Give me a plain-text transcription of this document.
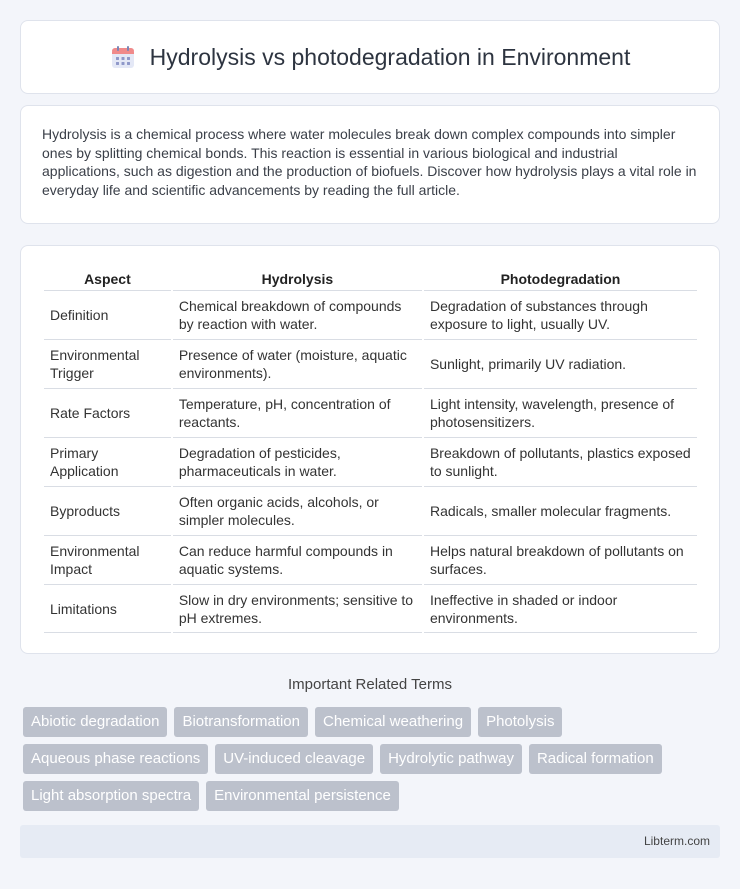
Hydrolysis vs photodegradation in Environment

Hydrolysis is a chemical process where water molecules break down complex compounds into simpler ones by splitting chemical bonds. This reaction is essential in various biological and industrial applications, such as digestion and the production of biofuels. Discover how hydrolysis plays a vital role in everyday life and scientific advancements by reading the full article.

Aspect	Hydrolysis	Photodegradation
Definition	Chemical breakdown of compounds by reaction with water.	Degradation of substances through exposure to light, usually UV.
Environmental Trigger	Presence of water (moisture, aquatic environments).	Sunlight, primarily UV radiation.
Rate Factors	Temperature, pH, concentration of reactants.	Light intensity, wavelength, presence of photosensitizers.
Primary Application	Degradation of pesticides, pharmaceuticals in water.	Breakdown of pollutants, plastics exposed to sunlight.
Byproducts	Often organic acids, alcohols, or simpler molecules.	Radicals, smaller molecular fragments.
Environmental Impact	Can reduce harmful compounds in aquatic systems.	Helps natural breakdown of pollutants on surfaces.
Limitations	Slow in dry environments; sensitive to pH extremes.	Ineffective in shaded or indoor environments.
Important Related Terms
Abiotic degradation	Biotransformation	Chemical weathering	Photolysis
Aqueous phase reactions	UV-induced cleavage	Hydrolytic pathway	Radical formation
Light absorption spectra	Environmental persistence
Libterm.com
